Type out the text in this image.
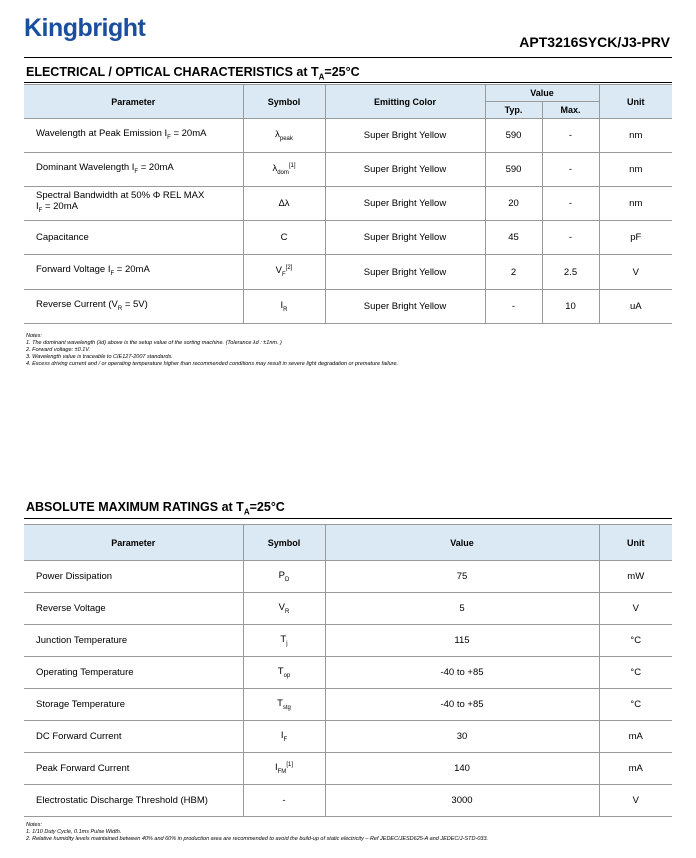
Kingbright	APT3216SYCK/J3-PRV
ELECTRICAL / OPTICAL CHARACTERISTICS at $T_A=25^\circ C$
Parameter	Symbol	Emitting Color	Value		Unit
			Typ.	Max.	
Wavelength at Peak Emission $I_F = 20mA$	$\lambda_{peak}$	Super Bright Yellow	590	-	nm
Dominant Wavelength $I_F = 20mA$	$\lambda_{dom}[1]$	Super Bright Yellow	590	-	nm
Spectral Bandwidth at 50% Φ REL MAX
$I_F = 20mA$	Δλ	Super Bright Yellow	20	-	nm
Capacitance	C	Super Bright Yellow	45	-	pF
Forward Voltage $I_F = 20mA$	$V_F[2]$	Super Bright Yellow	2	2.5	V
Reverse Current $(V_R = 5V)$	$I_R$	Super Bright Yellow	-	10	uA
Notes:
1. The dominant wavelength (λd) above is the setup value of the sorting machine. (Tolerance λd : ±1nm. )
2. Forward voltage: ±0.1V.
3. Wavelength value is traceable to CIE127-2007 standards.
4. Excess driving current and / or operating temperature higher than recommended conditions may result in severe light degradation or premature failure.
ABSOLUTE MAXIMUM RATINGS at $T_A=25^\circ C$
Parameter	Symbol	Value	Unit
Power Dissipation	$P_D$	75	mW
Reverse Voltage	$V_R$	5	V
Junction Temperature	$T_j$	115	°C
Operating Temperature	$T_{op}$	-40 to +85	°C
Storage Temperature	$T_{stg}$	-40 to +85	°C
DC Forward Current	$I_F$	30	mA
Peak Forward Current	$I_{FM}[1]$	140	mA
Electrostatic Discharge Threshold (HBM)	-	3000	V
Notes:
1. 1/10 Duty Cycle, 0.1ms Pulse Width.
2. Relative humidity levels maintained between 40% and 60% in production area are recommended to avoid the build-up of static electricity – Ref JEDEC/JESD625-A and JEDEC/J-STD-033.
